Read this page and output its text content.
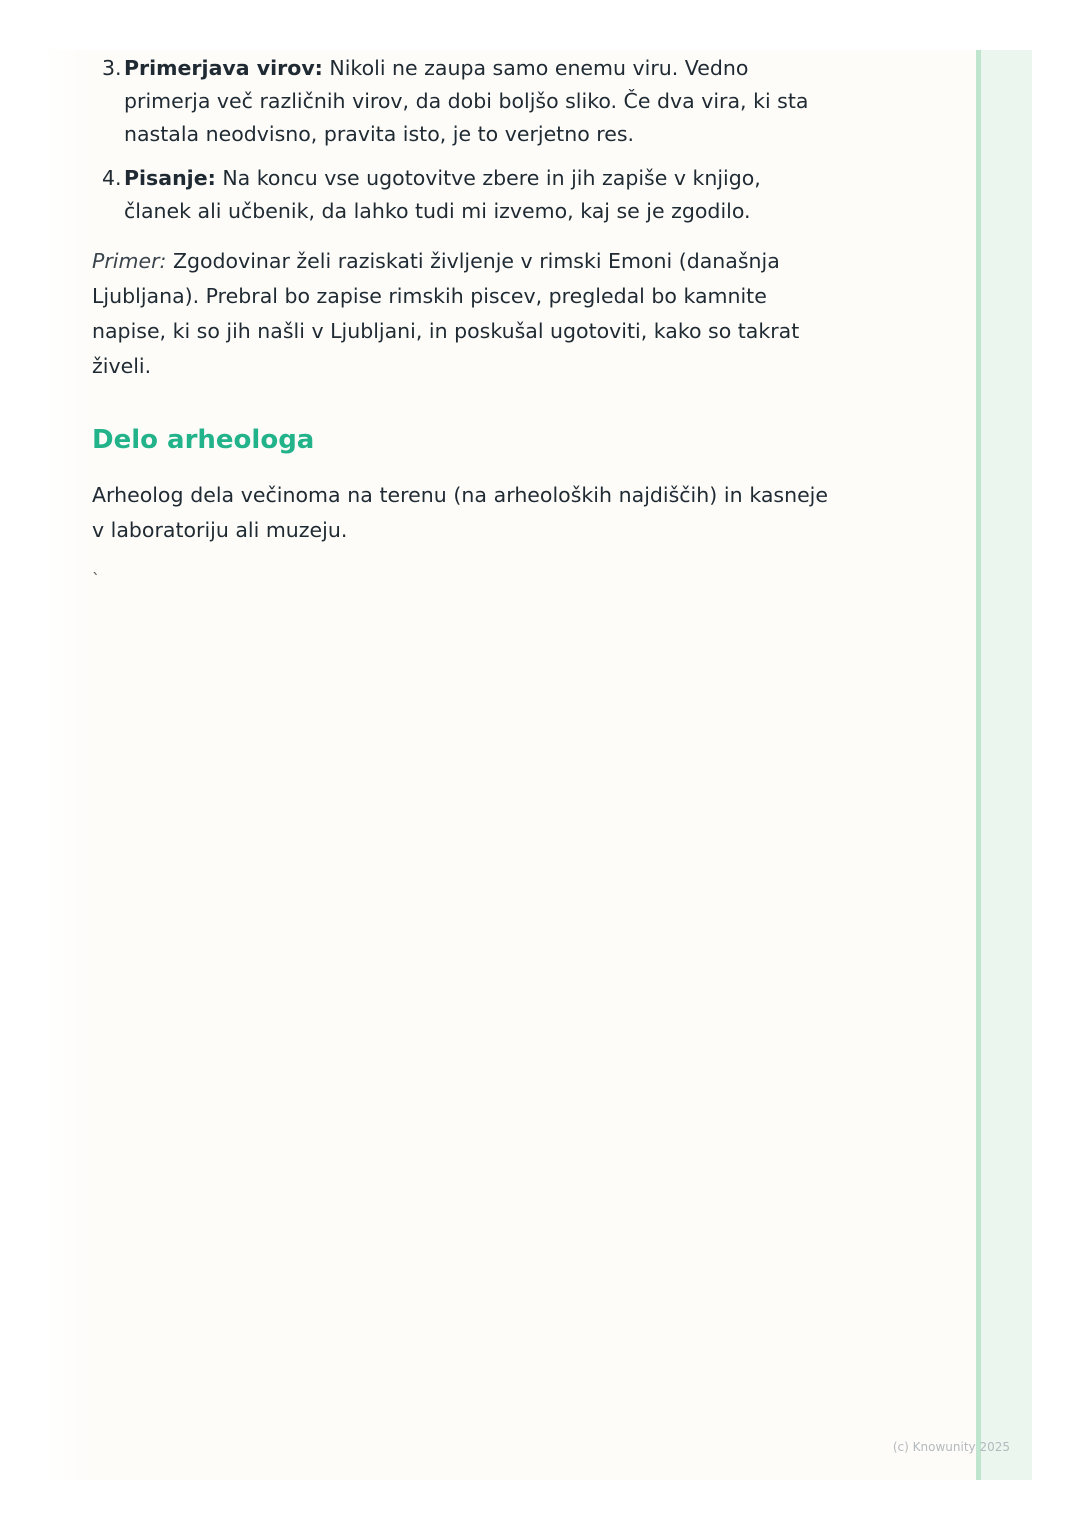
3. Primerjava virov: Nikoli ne zaupa samo enemu viru. Vedno primerja več različnih virov, da dobi boljšo sliko. Če dva vira, ki sta nastala neodvisno, pravita isto, je to verjetno res.
4. Pisanje: Na koncu vse ugotovitve zbere in jih zapiše v knjigo, članek ali učbenik, da lahko tudi mi izvemo, kaj se je zgodilo.

Primer: Zgodovinar želi raziskati življenje v rimski Emoni (današnja Ljubljana). Prebral bo zapise rimskih piscev, pregledal bo kamnite napise, ki so jih našli v Ljubljani, in poskušal ugotoviti, kako so takrat živeli.

Delo arheologa

Arheolog dela večinoma na terenu (na arheoloških najdiščih) in kasneje v laboratoriju ali muzeju.

`
(c) Knowunity 2025
